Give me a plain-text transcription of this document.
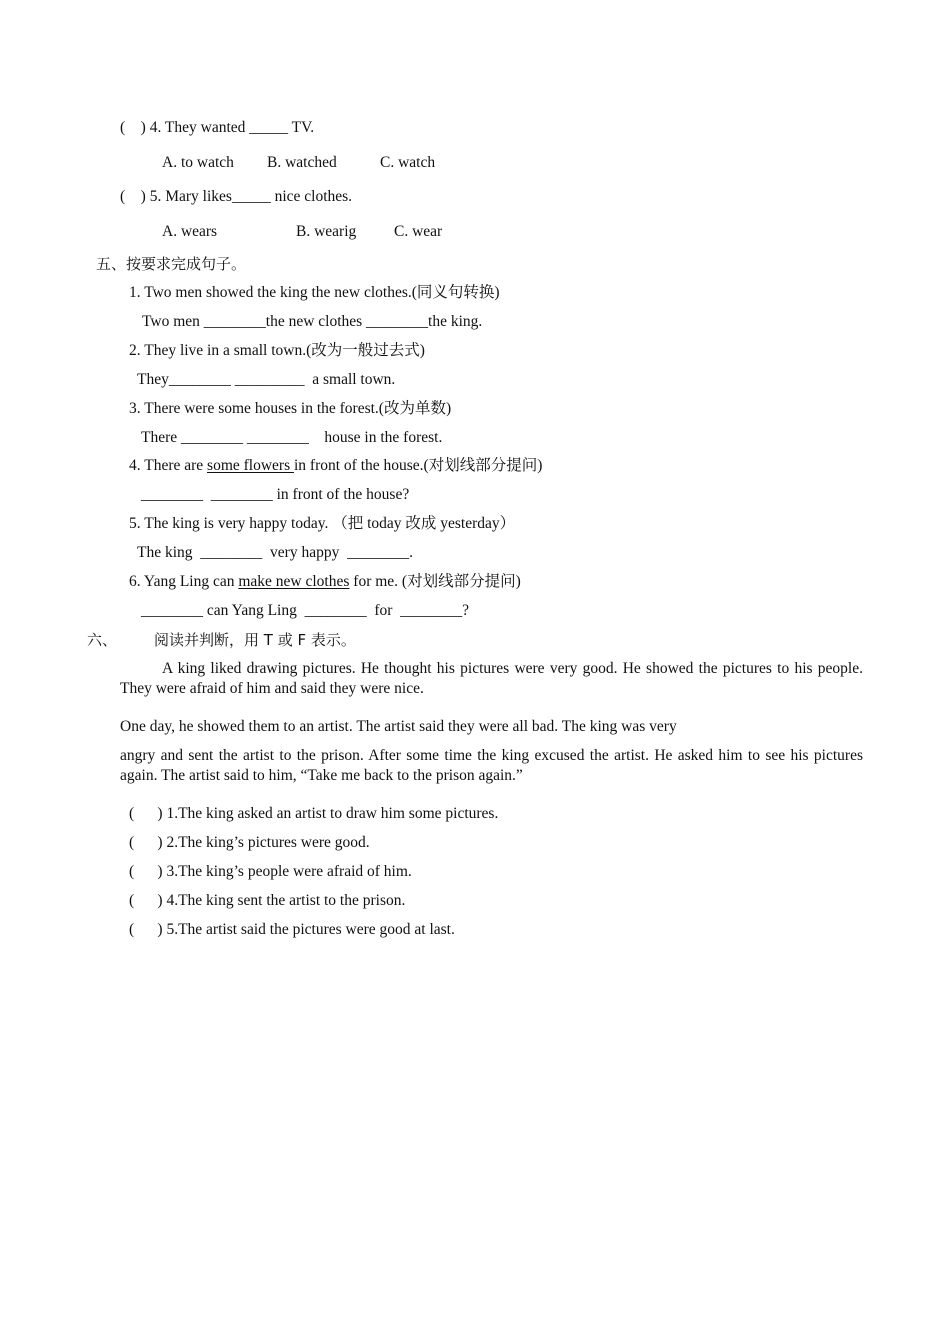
(    ) 4. They wanted _____ TV.
A. to watch B. watched	C. watch
(    ) 5. Mary likes_____ nice clothes.
A. wears	B. wearig C. wear
五、按要求完成句子。
1. Two men showed the king the new clothes.(同义句转换)
Two men ________the new clothes ________the king.
2. They live in a small town.(改为一般过去式)
They________ _________  a small town.
3. There were some houses in the forest.(改为单数)
There ________ ________    house in the forest.
4. There are some flowers in front of the house.(对划线部分提问)
________  ________ in front of the house?
5. The king is very happy today. （把 today 改成 yesterday）
The king  ________  very happy  ________.
6. Yang Ling can make new clothes for me. (对划线部分提问)
________ can Yang Ling  ________  for  ________?
六、 阅读并判断，用 T 或 F 表示。
A king liked drawing pictures. He thought his pictures were very good. He showed the pictures to his people. They were afraid of him and said they were nice.
One day, he showed them to an artist. The artist said they were all bad. The king was very
angry and sent the artist to the prison. After some time the king excused the artist. He asked him to see his pictures again. The artist said to him, “Take me back to the prison again.”
(      ) 1.The king asked an artist to draw him some pictures.
(      ) 2.The king’s pictures were good.
(      ) 3.The king’s people were afraid of him.
(      ) 4.The king sent the artist to the prison.
(      ) 5.The artist said the pictures were good at last.
